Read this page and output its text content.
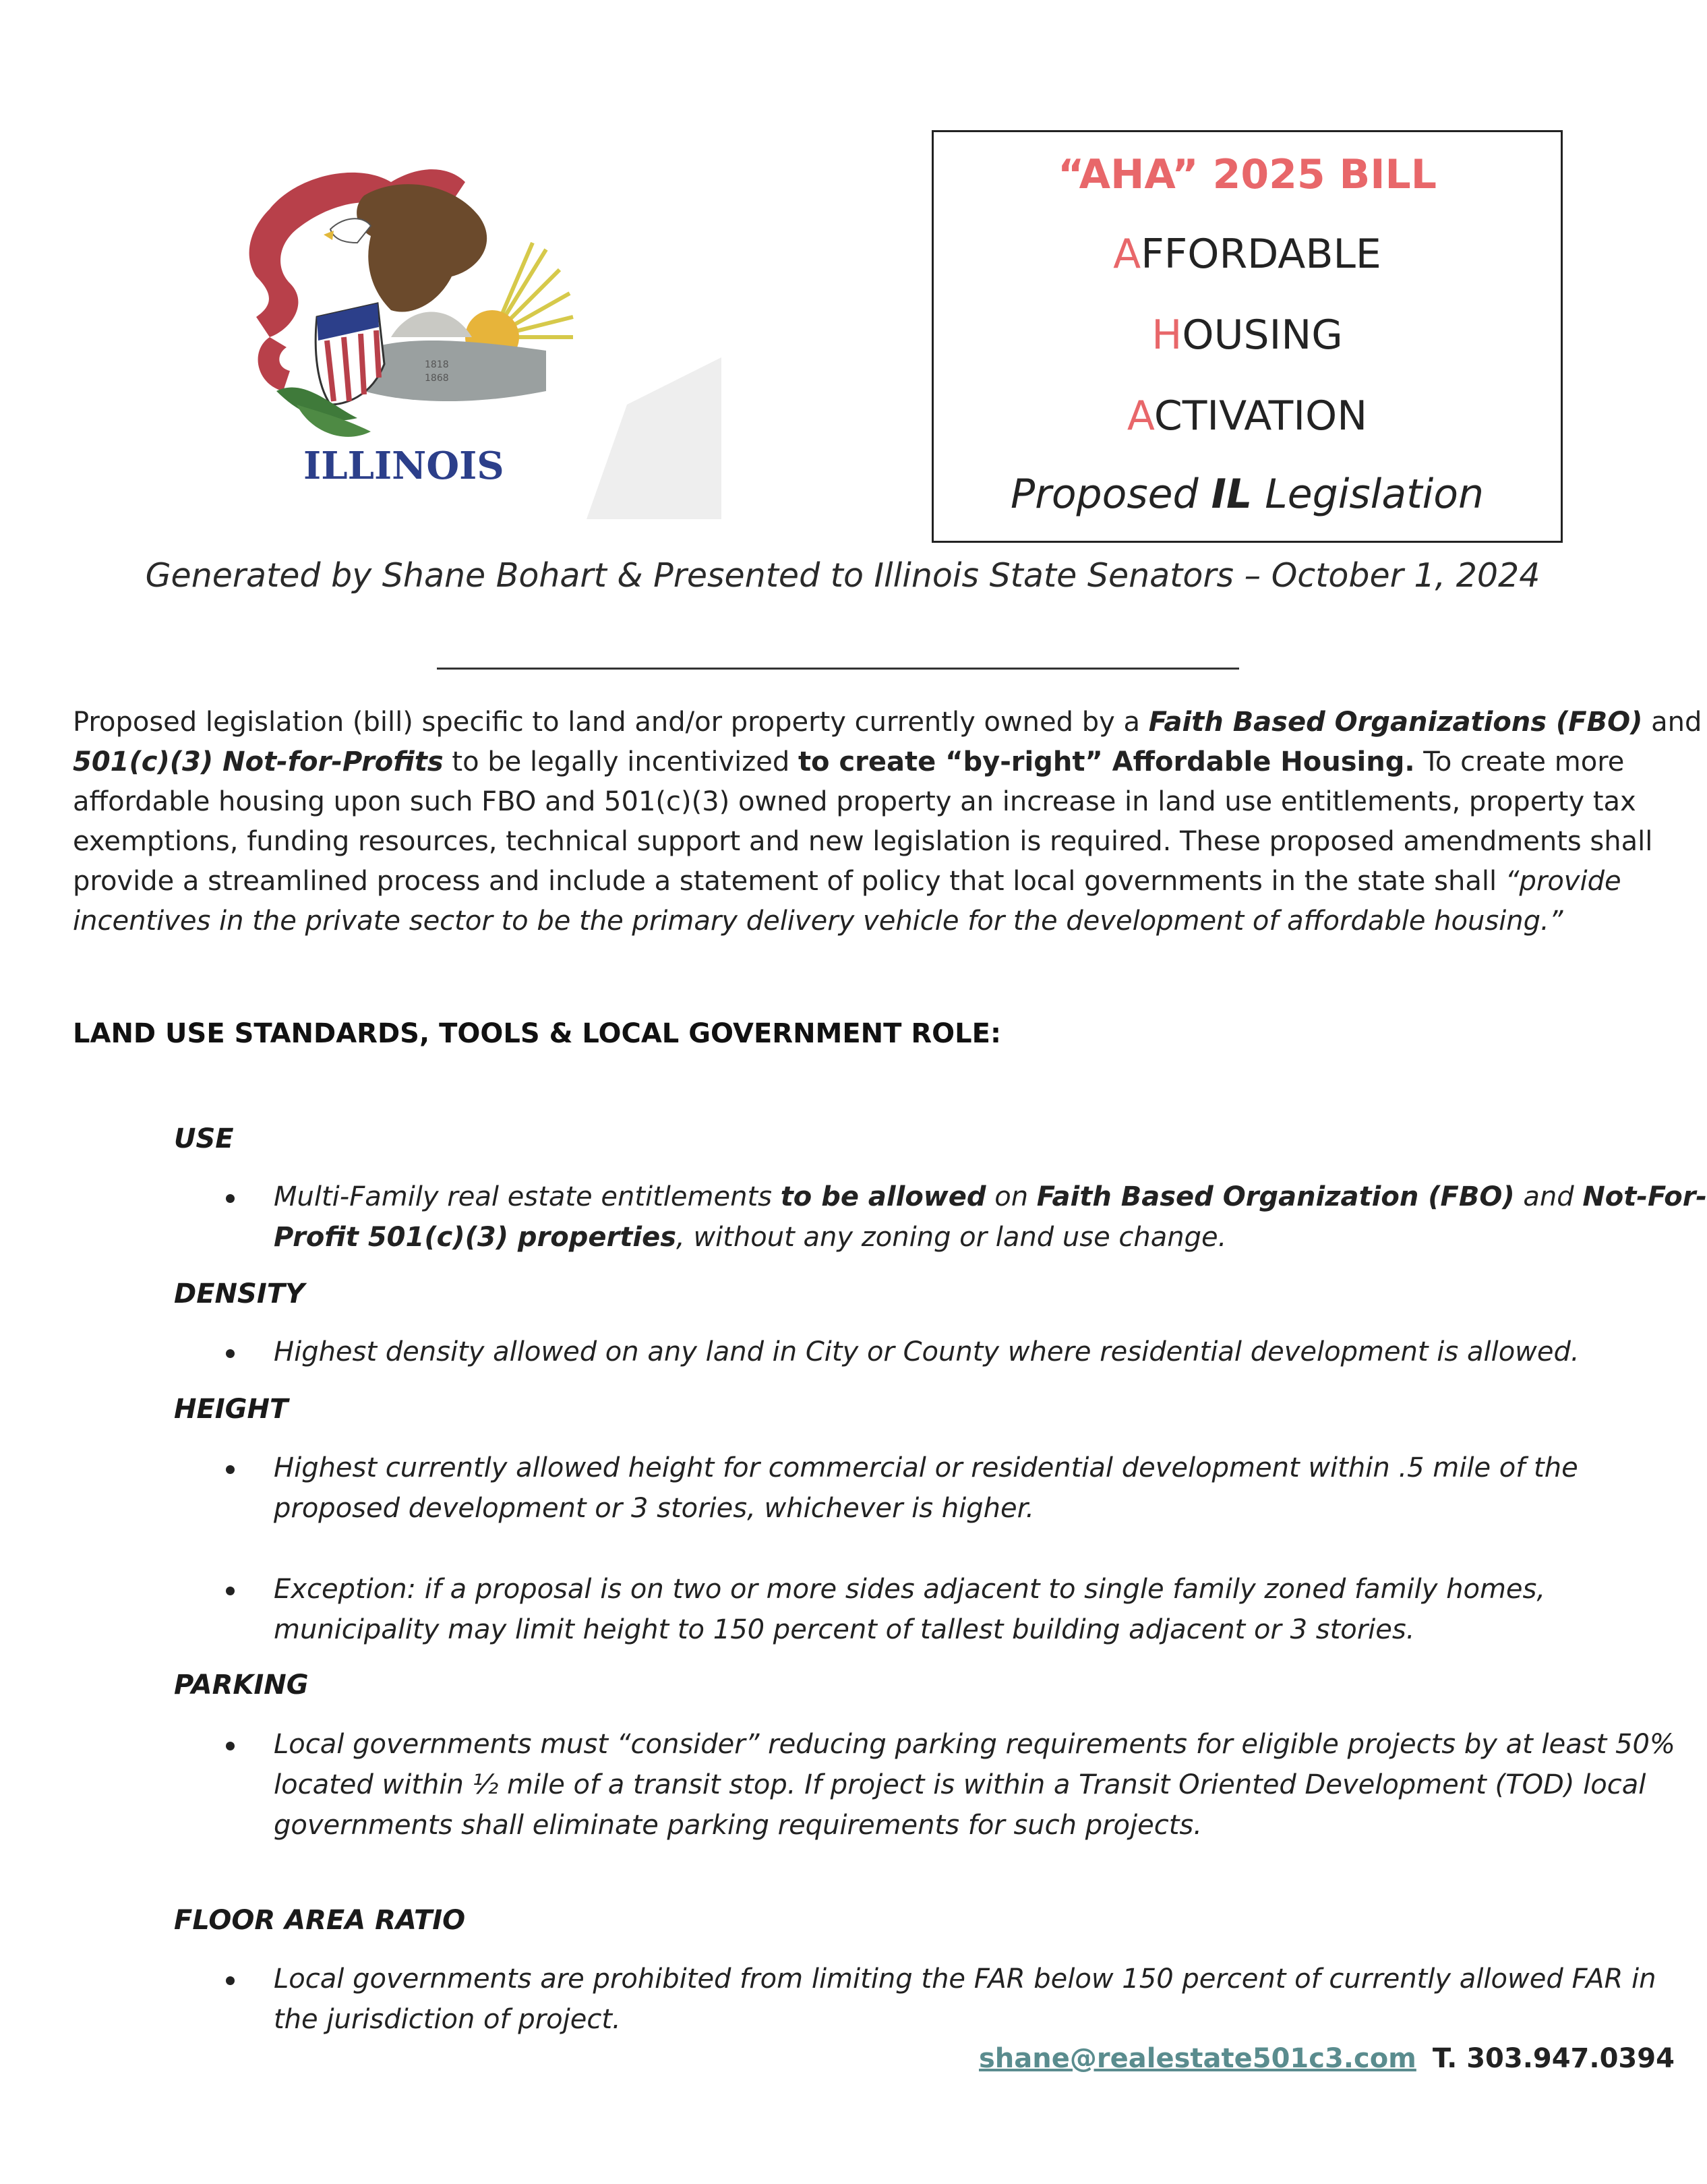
1818
1868
ILLINOIS
“AHA” 2025 BILL
AFFORDABLE
HOUSING
ACTIVATION
Proposed IL Legislation
Generated by Shane Bohart & Presented to Illinois State Senators – October 1, 2024

Proposed legislation (bill) specific to land and/or property currently owned by a Faith Based Organizations (FBO) and

501(c)(3) Not-for-Profits to be legally incentivized to create “by-right” Affordable Housing. To create more

affordable housing upon such FBO and 501(c)(3) owned property an increase in land use entitlements, property tax

exemptions, funding resources, technical support and new legislation is required. These proposed amendments shall

provide a streamlined process and include a statement of policy that local governments in the state shall “provide

incentives in the private sector to be the primary delivery vehicle for the development of affordable housing.”

LAND USE STANDARDS, TOOLS & LOCAL GOVERNMENT ROLE:
USE

Multi-Family real estate entitlements to be allowed on Faith Based Organization (FBO) and Not-For-

Profit 501(c)(3) properties, without any zoning or land use change.

DENSITY

Highest density allowed on any land in City or County where residential development is allowed.

HEIGHT

Highest currently allowed height for commercial or residential development within .5 mile of the

proposed development or 3 stories, whichever is higher.

Exception: if a proposal is on two or more sides adjacent to single family zoned family homes,

municipality may limit height to 150 percent of tallest building adjacent or 3 stories.

PARKING

Local governments must “consider” reducing parking requirements for eligible projects by at least 50%

located within ½ mile of a transit stop. If project is within a Transit Oriented Development (TOD) local

governments shall eliminate parking requirements for such projects.

FLOOR AREA RATIO

Local governments are prohibited from limiting the FAR below 150 percent of currently allowed FAR in

the jurisdiction of project.

shane@realestate501c3.com T. 303.947.0394
